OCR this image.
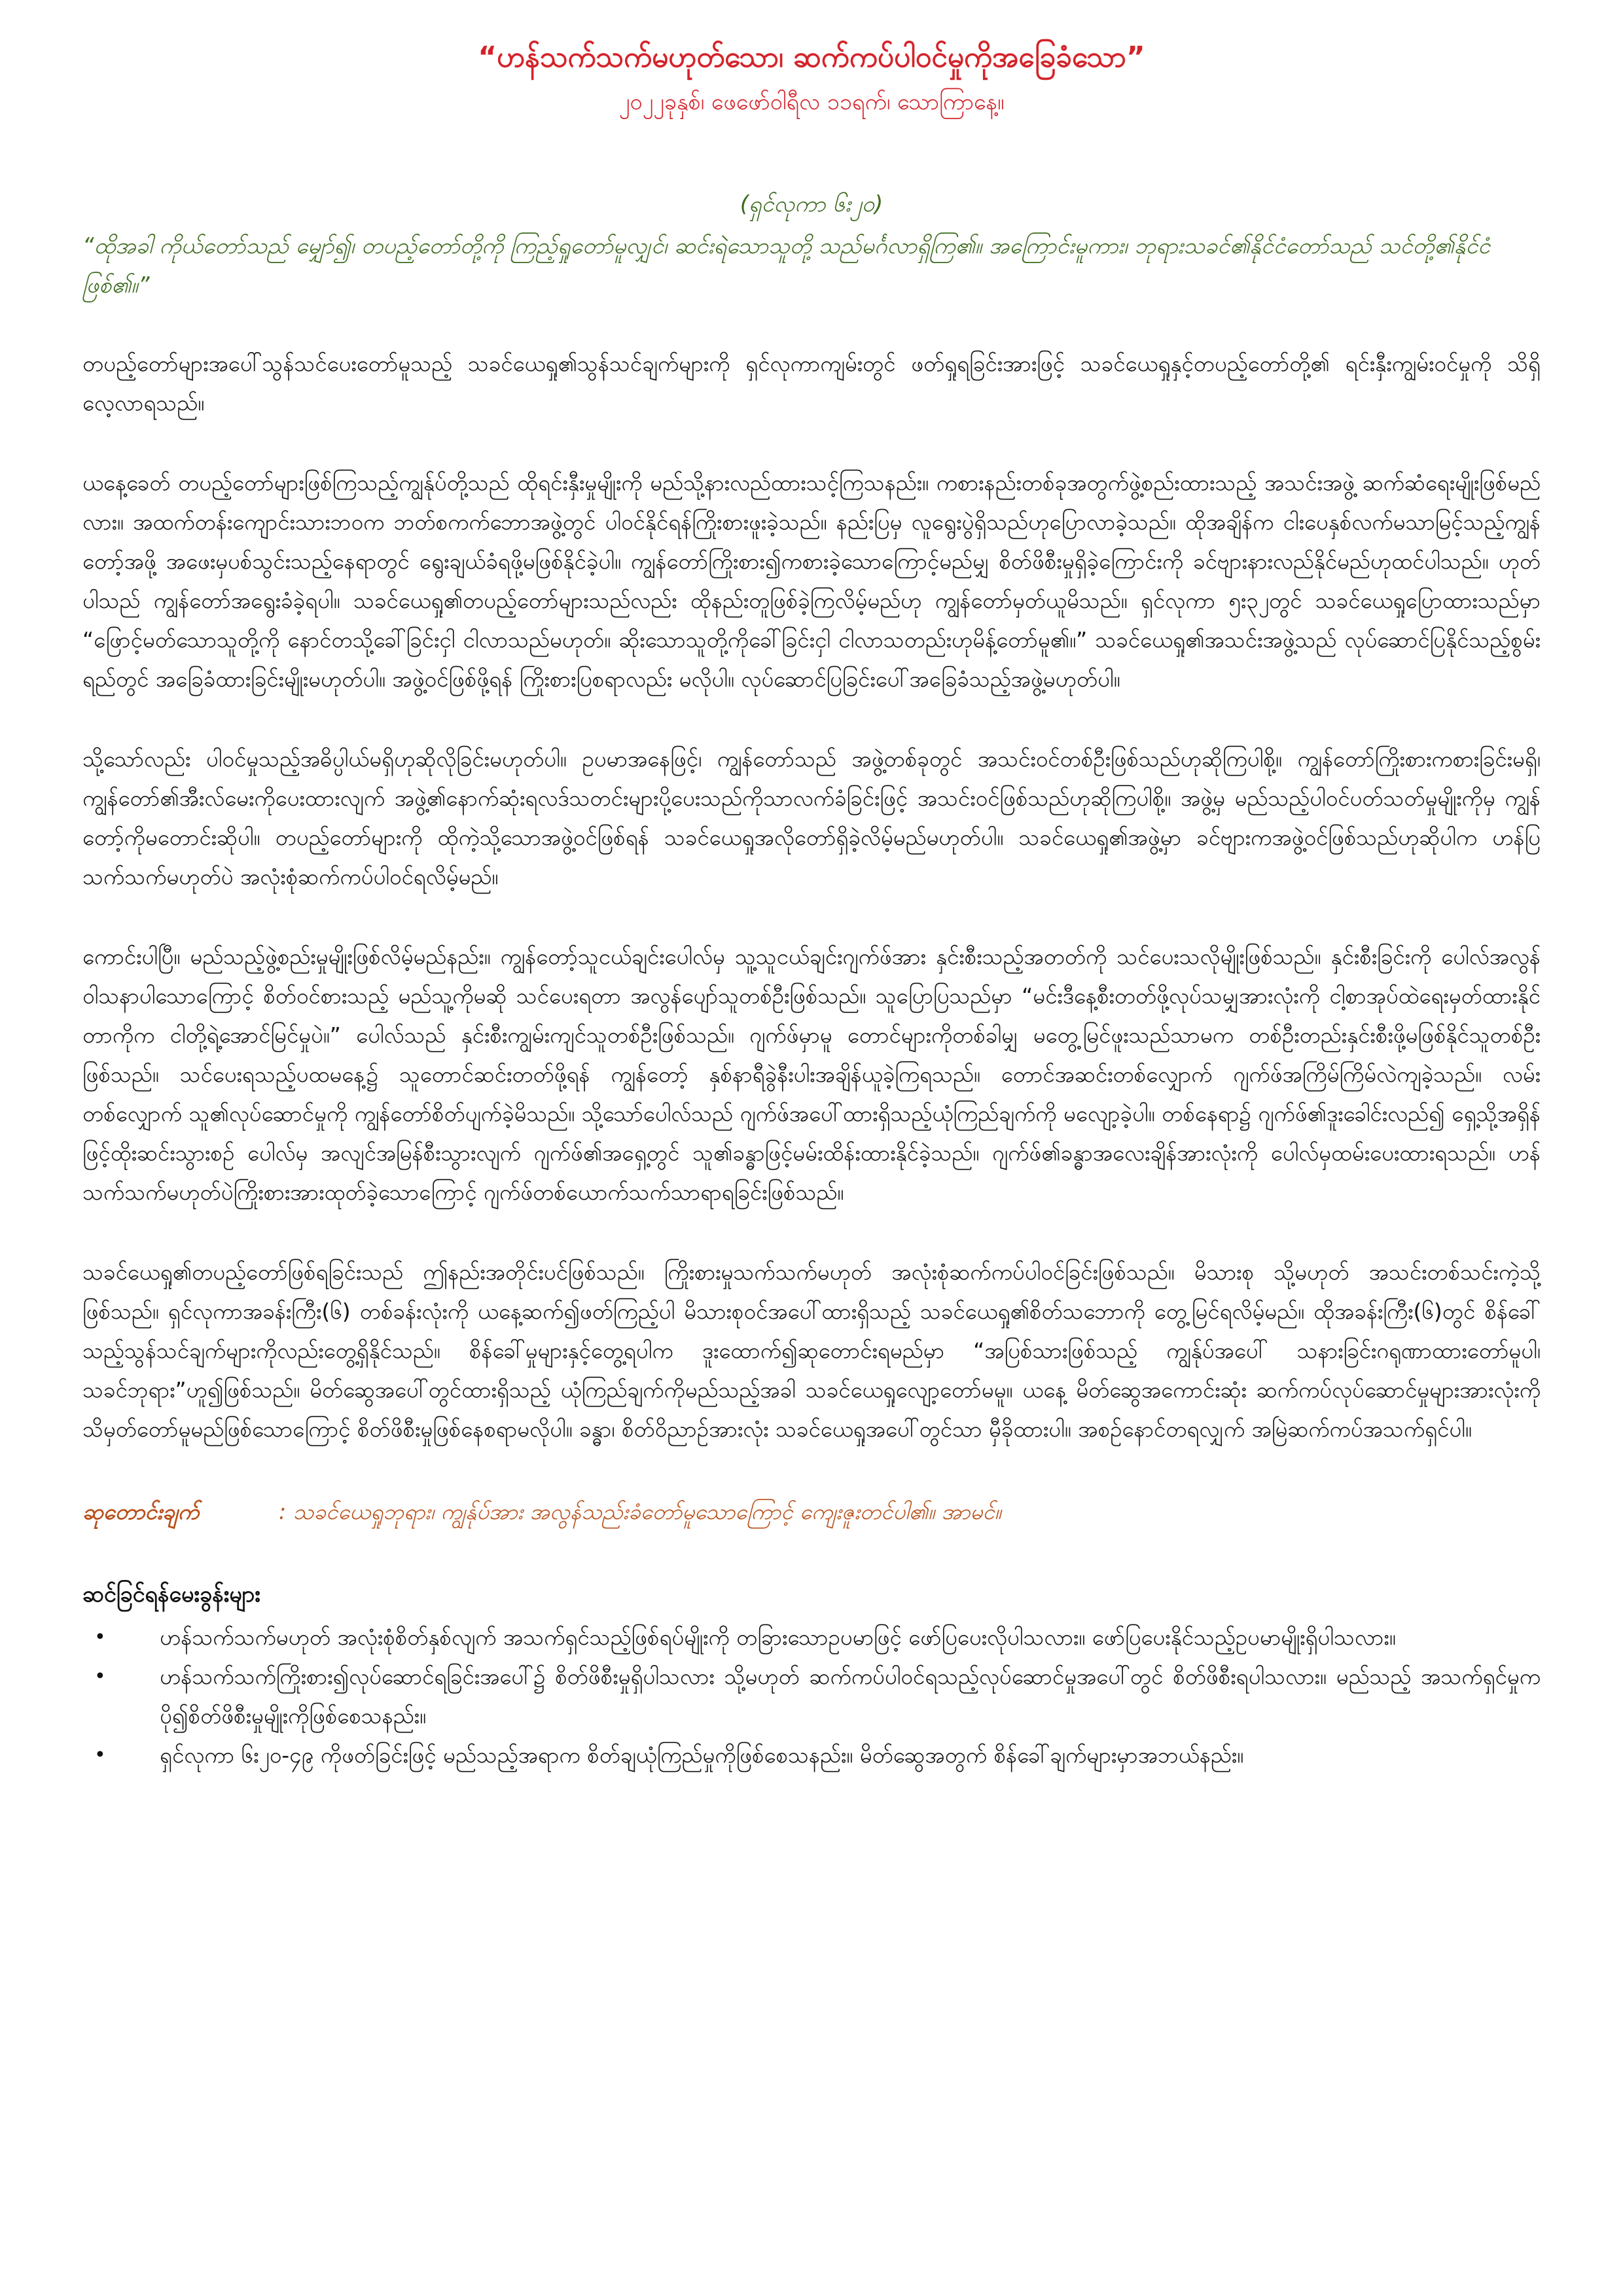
“ဟန်သက်သက်မဟုတ်သော၊ ဆက်ကပ်ပါဝင်မှုကိုအခြေခံသော”

၂၀၂၂ခုနှစ်၊ ဖေဖော်ဝါရီလ ၁၁ရက်၊ သောကြာနေ့။

(ရှင်လုကာ ၆း၂၀)

“ထိုအခါ ကိုယ်တော်သည် မျှော်၍၊ တပည့်တော်တို့ကို ကြည့်ရှုတော်မူလျှင်၊ ဆင်းရဲသောသူတို့ သည်မင်္ဂလာရှိကြ၏။ အကြောင်းမူကား၊ ဘုရားသခင်၏နိုင်ငံတော်သည် သင်တို့၏နိုင်ငံဖြစ်၏။”

တပည့်တော်များအပေါ်သွန်သင်ပေးတော်မူသည့် သခင်ယေရှု၏သွန်သင်ချက်များကို ရှင်လုကာကျမ်းတွင် ဖတ်ရှုရခြင်းအားဖြင့် သခင်ယေရှုနှင့်တပည့်တော်တို့၏ ရင်းနှီးကျွမ်းဝင်မှုကို သိရှိလေ့လာရသည်။

ယနေ့ခေတ် တပည့်တော်များဖြစ်ကြသည့်ကျွန်ုပ်တို့သည် ထိုရင်းနှီးမှုမျိုးကို မည်သို့နားလည်ထားသင့်ကြသနည်း။ ကစားနည်းတစ်ခုအတွက်ဖွဲ့စည်းထားသည့် အသင်းအဖွဲ့ ဆက်ဆံရေးမျိုးဖြစ်မည်လား။ အထက်တန်းကျောင်းသားဘဝက ဘတ်စကက်ဘောအဖွဲ့တွင် ပါဝင်နိုင်ရန်ကြိုးစားဖူးခဲ့သည်။ နည်းပြမှ လူရွေးပွဲရှိသည်ဟုပြောလာခဲ့သည်။ ထိုအချိန်က ငါးပေနှစ်လက်မသာမြင့်သည့်ကျွန်တော့်အဖို့ အဖေးမှပစ်သွင်းသည့်နေရာတွင် ရွေးချယ်ခံရဖို့မဖြစ်နိုင်ခဲ့ပါ။ ကျွန်တော်ကြိုးစား၍ကစားခဲ့သောကြောင့်မည်မျှ စိတ်ဖိစီးမှုရှိခဲ့ကြောင်းကို ခင်ဗျားနားလည်နိုင်မည်ဟုထင်ပါသည်။ ဟုတ်ပါသည် ကျွန်တော်အရွေးခံခဲ့ရပါ။ သခင်ယေရှု၏တပည့်တော်များသည်လည်း ထိုနည်းတူဖြစ်ခဲ့ကြလိမ့်မည်ဟု ကျွန်တော်မှတ်ယူမိသည်။ ရှင်လုကာ ၅း၃၂တွင် သခင်ယေရှုပြောထားသည်မှာ “ဖြောင့်မတ်သောသူတို့ကို နောင်တသို့ခေါ်ခြင်းငှါ ငါလာသည်မဟုတ်။ ဆိုးသောသူတို့ကိုခေါ်ခြင်းငှါ ငါလာသတည်းဟုမိန့်တော်မူ၏။” သခင်ယေရှု၏အသင်းအဖွဲ့သည် လုပ်ဆောင်ပြနိုင်သည့်စွမ်းရည်တွင် အခြေခံထားခြင်းမျိုးမဟုတ်ပါ။ အဖွဲ့ဝင်ဖြစ်ဖို့ရန် ကြိုးစားပြစရာလည်း မလိုပါ။ လုပ်ဆောင်ပြခြင်းပေါ်အခြေခံသည့်အဖွဲ့မဟုတ်ပါ။

သို့သော်လည်း ပါဝင်မှုသည့်အဓိပ္ပါယ်မရှိဟုဆိုလိုခြင်းမဟုတ်ပါ။ ဥပမာအနေဖြင့်၊ ကျွန်တော်သည် အဖွဲ့တစ်ခုတွင် အသင်းဝင်တစ်ဦးဖြစ်သည်ဟုဆိုကြပါစို့။ ကျွန်တော်ကြိုးစားကစားခြင်းမရှိ၊ ကျွန်တော်၏အီးလ်မေးကိုပေးထားလျက် အဖွဲ့၏နောက်ဆုံးရလဒ်သတင်းများပို့ပေးသည်ကိုသာလက်ခံခြင်းဖြင့် အသင်းဝင်ဖြစ်သည်ဟုဆိုကြပါစို့။ အဖွဲ့မှ မည်သည့်ပါဝင်ပတ်သတ်မှုမျိုးကိုမှ ကျွန်တော့်ကိုမတောင်းဆိုပါ။ တပည့်တော်များကို ထိုကဲ့သို့သောအဖွဲ့ဝင်ဖြစ်ရန် သခင်ယေရှုအလိုတော်ရှိခဲ့လိမ့်မည်မဟုတ်ပါ။ သခင်ယေရှု၏အဖွဲ့မှာ ခင်ဗျားကအဖွဲ့ဝင်ဖြစ်သည်ဟုဆိုပါက ဟန်ပြသက်သက်မဟုတ်ပဲ အလုံးစုံဆက်ကပ်ပါဝင်ရလိမ့်မည်။

ကောင်းပါပြီ။ မည်သည့်ဖွဲ့စည်းမှုမျိုးဖြစ်လိမ့်မည်နည်း။ ကျွန်တော့်သူငယ်ချင်းပေါလ်မှ သူ့သူငယ်ချင်းဂျက်ဖ်အား နှင်းစီးသည့်အတတ်ကို သင်ပေးသလိုမျိုးဖြစ်သည်။ နှင်းစီးခြင်းကို ပေါလ်အလွန်ဝါသနာပါသောကြောင့် စိတ်ဝင်စားသည့် မည်သူ့ကိုမဆို သင်ပေးရတာ အလွန်ပျော်သူတစ်ဦးဖြစ်သည်။ သူပြောပြသည်မှာ “မင်းဒီနေ့စီးတတ်ဖို့လုပ်သမျှအားလုံးကို ငါ့စာအုပ်ထဲရေးမှတ်ထားနိုင်တာကိုက ငါတို့ရဲ့အောင်မြင်မှုပဲ။” ပေါလ်သည် နှင်းစီးကျွမ်းကျင်သူတစ်ဦးဖြစ်သည်။ ဂျက်ဖ်မှာမူ တောင်များကိုတစ်ခါမျှ မတွေ့မြင်ဖူးသည်သာမက တစ်ဦးတည်းနှင်းစီးဖို့မဖြစ်နိုင်သူတစ်ဦးဖြစ်သည်။ သင်ပေးရသည့်ပထမနေ့၌ သူတောင်ဆင်းတတ်ဖို့ရန် ကျွန်တော့် နှစ်နာရီခွဲနီးပါးအချိန်ယူခဲ့ကြရသည်။ တောင်အဆင်းတစ်လျှောက် ဂျက်ဖ်အကြိမ်ကြိမ်လဲကျခဲ့သည်။ လမ်းတစ်လျှောက် သူ၏လုပ်ဆောင်မှုကို ကျွန်တော်စိတ်ပျက်ခဲ့မိသည်။ သို့သော်ပေါလ်သည် ဂျက်ဖ်အပေါ်ထားရှိသည့်ယုံကြည်ချက်ကို မလျော့ခဲ့ပါ။ တစ်နေရာ၌ ဂျက်ဖ်၏ဒူးခေါင်းလည်၍ ရှေ့သို့အရှိန်ဖြင့်ထိုးဆင်းသွားစဉ် ပေါလ်မှ အလျင်အမြန်စီးသွားလျက် ဂျက်ဖ်၏အရှေ့တွင် သူ၏ခန္ဓာဖြင့်မမ်းထိန်းထားနိုင်ခဲ့သည်။ ဂျက်ဖ်၏ခန္ဓာအလေးချိန်အားလုံးကို ပေါလ်မှထမ်းပေးထားရသည်။ ဟန်သက်သက်မဟုတ်ပဲကြိုးစားအားထုတ်ခဲ့သောကြောင့် ဂျက်ဖ်တစ်ယောက်သက်သာရာရခြင်းဖြစ်သည်။

သခင်ယေရှု၏တပည့်တော်ဖြစ်ရခြင်းသည် ဤနည်းအတိုင်းပင်ဖြစ်သည်။ ကြိုးစားမှုသက်သက်မဟုတ် အလုံးစုံဆက်ကပ်ပါဝင်ခြင်းဖြစ်သည်။ မိသားစု သို့မဟုတ် အသင်းတစ်သင်းကဲ့သို့ဖြစ်သည်။ ရှင်လုကာအခန်းကြီး(၆) တစ်ခန်းလုံးကို ယနေ့ဆက်၍ဖတ်ကြည့်ပါ မိသားစုဝင်အပေါ်ထားရှိသည့် သခင်ယေရှု၏စိတ်သဘောကို တွေ့မြင်ရလိမ့်မည်။ ထိုအခန်းကြီး(၆)တွင် စိန်ခေါ်သည့်သွန်သင်ချက်များကိုလည်းတွေ့ရှိနိုင်သည်။ စိန်ခေါ်မှုများနှင့်တွေ့ရပါက ဒူးထောက်၍ဆုတောင်းရမည်မှာ “အပြစ်သားဖြစ်သည့် ကျွန်ုပ်အပေါ် သနားခြင်းဂရုဏာထားတော်မူပါ၊ သခင်ဘုရား”ဟူ၍ဖြစ်သည်။ မိတ်ဆွေအပေါ်တွင်ထားရှိသည့် ယုံကြည်ချက်ကိုမည်သည့်အခါ သခင်ယေရှုလျော့တော်မမူ။ ယနေ့ မိတ်ဆွေအကောင်းဆုံး ဆက်ကပ်လုပ်ဆောင်မှုများအားလုံးကို သိမှတ်တော်မူမည်ဖြစ်သောကြောင့် စိတ်ဖိစီးမှုဖြစ်နေစရာမလိုပါ။ ခန္ဓာ၊ စိတ်ဝိညာဉ်အားလုံး သခင်ယေရှုအပေါ်တွင်သာ မှီခိုထားပါ။ အစဉ်နောင်တရလျှက် အမြဲဆက်ကပ်အသက်ရှင်ပါ။

ဆုတောင်းချက်	: သခင်ယေရှုဘုရား၊ ကျွန်ုပ်အား အလွန်သည်းခံတော်မူသောကြောင့် ကျေးဇူးတင်ပါ၏။ အာမင်။
ဆင်ခြင်ရန်မေးခွန်းများ
• ဟန်သက်သက်မဟုတ် အလုံးစုံစိတ်နှစ်လျက် အသက်ရှင်သည့်ဖြစ်ရပ်မျိုးကို တခြားသောဥပမာဖြင့် ဖော်ပြပေးလိုပါသလား။ ဖော်ပြပေးနိုင်သည့်ဥပမာမျိုးရှိပါသလား။
• ဟန်သက်သက်ကြိုးစား၍လုပ်ဆောင်ရခြင်းအပေါ်၌ စိတ်ဖိစီးမှုရှိပါသလား သို့မဟုတ် ဆက်ကပ်ပါဝင်ရသည့်လုပ်ဆောင်မှုအပေါ်တွင် စိတ်ဖိစီးရပါသလား။ မည်သည့် အသက်ရှင်မှုက ပို၍စိတ်ဖိစီးမှုမျိုးကိုဖြစ်စေသနည်း။
• ရှင်လုကာ ၆း၂၀-၄၉ ကိုဖတ်ခြင်းဖြင့် မည်သည့်အရာက စိတ်ချယုံကြည်မှုကိုဖြစ်စေသနည်း။ မိတ်ဆွေအတွက် စိန်ခေါ်ချက်များမှာအဘယ်နည်း။
